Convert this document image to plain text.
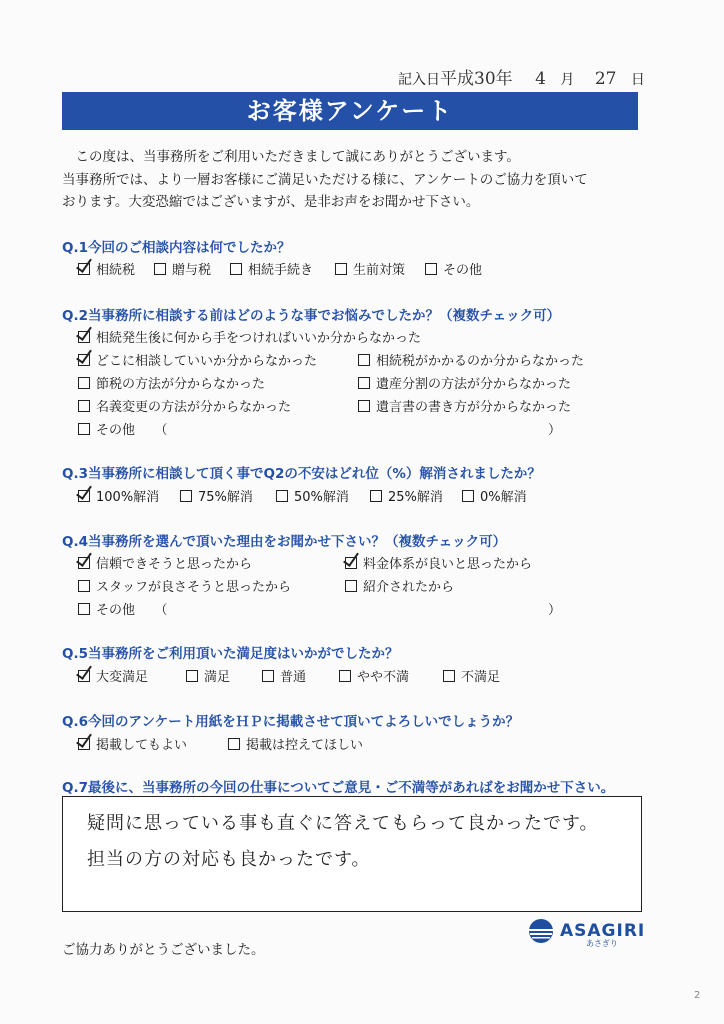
記入日平成30年 4 月 27 日
お客様アンケート
　この度は、当事務所をご利用いただきまして誠にありがとうございます。
当事務所では、より一層お客様にご満足いただける様に、アンケートのご協力を頂いて
おります。大変恐縮ではございますが、是非お声をお聞かせ下さい。
Q.1今回のご相談内容は何でしたか？
相続税	贈与税	相続手続き	生前対策	その他
Q.2当事務所に相談する前はどのような事でお悩みでしたか？（複数チェック可）
相続発生後に何から手をつければいいか分からなかった
どこに相談していいか分からなかった	相続税がかかるのか分からなかった
節税の方法が分からなかった	遺産分割の方法が分からなかった
名義変更の方法が分からなかった	遺言書の書き方が分からなかった
その他　　（	）
Q.3当事務所に相談して頂く事でQ2の不安はどれ位（%）解消されましたか？
100%解消	75%解消	50%解消	25%解消	0%解消
Q.4当事務所を選んで頂いた理由をお聞かせ下さい？（複数チェック可）
信頼できそうと思ったから	料金体系が良いと思ったから
スタッフが良さそうと思ったから	紹介されたから
その他　　（	）
Q.5当事務所をご利用頂いた満足度はいかがでしたか？
大変満足	満足	普通	やや不満	不満足
Q.6今回のアンケート用紙をＨＰに掲載させて頂いてよろしいでしょうか？
掲載してもよい	掲載は控えてほしい
Q.7最後に、当事務所の今回の仕事についてご意見・ご不満等があればをお聞かせ下さい。
疑問に思っている事も直ぐに答えてもらって良かったです。
担当の方の対応も良かったです。
ご協力ありがとうございました。
ASAGIRI
あさぎり
2
